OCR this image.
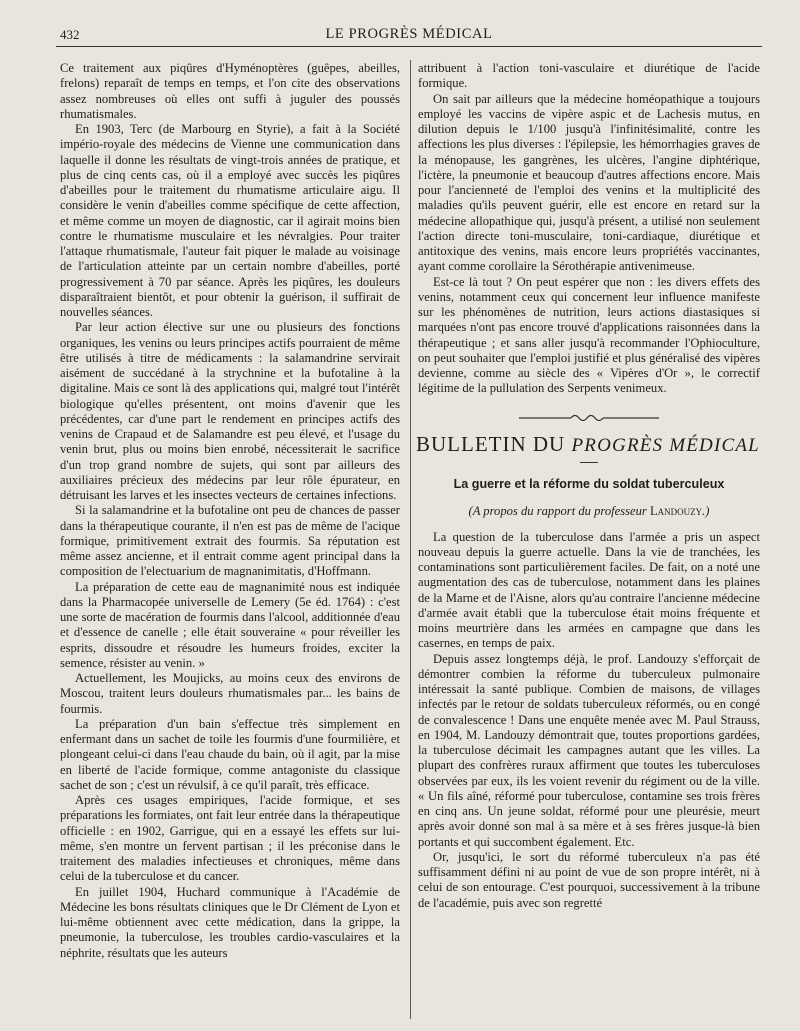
432	LE PROGRÈS MÉDICAL

Ce traitement aux piqûres d'Hyménoptères (guêpes, abeilles, frelons) reparaît de temps en temps, et l'on cite des observations assez nombreuses où elles ont suffi à juguler des poussés rhumatismales.

En 1903, Terc (de Marbourg en Styrie), a fait à la Société império-royale des médecins de Vienne une communication dans laquelle il donne les résultats de vingt-trois années de pratique, et plus de cinq cents cas, où il a employé avec succès les piqûres d'abeilles pour le traitement du rhumatisme articulaire aigu. Il considère le venin d'abeilles comme spécifique de cette affection, et même comme un moyen de diagnostic, car il agirait moins bien contre le rhumatisme musculaire et les névralgies. Pour traiter l'attaque rhumatismale, l'auteur fait piquer le malade au voisinage de l'articulation atteinte par un certain nombre d'abeilles, porté progressivement à 70 par séance. Après les piqûres, les douleurs disparaîtraient bientôt, et pour obtenir la guérison, il suffirait de nouvelles séances.

Par leur action élective sur une ou plusieurs des fonctions organiques, les venins ou leurs principes actifs pourraient de même être utilisés à titre de médicaments : la salamandrine servirait aisément de succédané à la strychnine et la bufotaline à la digitaline. Mais ce sont là des applications qui, malgré tout l'intérêt biologique qu'elles présentent, ont moins d'avenir que les précédentes, car d'une part le rendement en principes actifs des venins de Crapaud et de Salamandre est peu élevé, et l'usage du venin brut, plus ou moins bien enrobé, nécessiterait le sacrifice d'un trop grand nombre de sujets, qui sont par ailleurs des auxiliaires précieux des médecins par leur rôle épurateur, en détruisant les larves et les insectes vecteurs de certaines infections.

Si la salamandrine et la bufotaline ont peu de chances de passer dans la thérapeutique courante, il n'en est pas de même de l'acique formique, primitivement extrait des fourmis. Sa réputation est même assez ancienne, et il entrait comme agent principal dans la composition de l'electuarium de magnanimitatis, d'Hoffmann.

La préparation de cette eau de magnanimité nous est indiquée dans la Pharmacopée universelle de Lemery (5e éd. 1764) : c'est une sorte de macération de fourmis dans l'alcool, additionnée d'eau et d'essence de canelle ; elle était souveraine « pour réveiller les esprits, dissoudre et résoudre les humeurs froides, exciter la semence, résister au venin. »

Actuellement, les Moujicks, au moins ceux des environs de Moscou, traitent leurs douleurs rhumatismales par... les bains de fourmis.

La préparation d'un bain s'effectue très simplement en enfermant dans un sachet de toile les fourmis d'une fourmilière, et plongeant celui-ci dans l'eau chaude du bain, où il agit, par la mise en liberté de l'acide formique, comme antagoniste du classique sachet de son ; c'est un révulsif, à ce qu'il paraît, très efficace.

Après ces usages empiriques, l'acide formique, et ses préparations les formiates, ont fait leur entrée dans la thérapeutique officielle : en 1902, Garrigue, qui en a essayé les effets sur lui-même, s'en montre un fervent partisan ; il les préconise dans le traitement des maladies infectieuses et chroniques, même dans celui de la tuberculose et du cancer.

En juillet 1904, Huchard communique à l'Académie de Médecine les bons résultats cliniques que le Dr Clément de Lyon et lui-même obtiennent avec cette médication, dans la grippe, la pneumonie, la tuberculose, les troubles cardio-vasculaires et la néphrite, résultats que les auteurs

attribuent à l'action toni-vasculaire et diurétique de l'acide formique.

On sait par ailleurs que la médecine homéopathique a toujours employé les vaccins de vipère aspic et de Lachesis mutus, en dilution depuis le 1/100 jusqu'à l'infinitésimalité, contre les affections les plus diverses : l'épilepsie, les hémorrhagies graves de la ménopause, les gangrènes, les ulcères, l'angine diphtérique, l'ictère, la pneumonie et beaucoup d'autres affections encore. Mais pour l'ancienneté de l'emploi des venins et la multiplicité des maladies qu'ils peuvent guérir, elle est encore en retard sur la médecine allopathique qui, jusqu'à présent, a utilisé non seulement l'action directe toni-musculaire, toni-cardiaque, diurétique et antitoxique des venins, mais encore leurs propriétés vaccinantes, ayant comme corollaire la Sérothérapie antivenimeuse.

Est-ce là tout ? On peut espérer que non : les divers effets des venins, notamment ceux qui concernent leur influence manifeste sur les phénomènes de nutrition, leurs actions diastasiques si marquées n'ont pas encore trouvé d'applications raisonnées dans la thérapeutique ; et sans aller jusqu'à recommander l'Ophioculture, on peut souhaiter que l'emploi justifié et plus généralisé des vipères devienne, comme au siècle des « Vipères d'Or », le correctif légitime de la pullulation des Serpents venimeux.

BULLETIN DU PROGRÈS MÉDICAL
La guerre et la réforme du soldat tuberculeux
(A propos du rapport du professeur Landouzy.)

La question de la tuberculose dans l'armée a pris un aspect nouveau depuis la guerre actuelle. Dans la vie de tranchées, les contaminations sont particulièrement faciles. De fait, on a noté une augmentation des cas de tuberculose, notamment dans les plaines de la Marne et de l'Aisne, alors qu'au contraire l'ancienne médecine d'armée avait établi que la tuberculose était moins fréquente et moins meurtrière dans les armées en campagne que dans les casernes, en temps de paix.

Depuis assez longtemps déjà, le prof. Landouzy s'efforçait de démontrer combien la réforme du tuberculeux pulmonaire intéressait la santé publique. Combien de maisons, de villages infectés par le retour de soldats tuberculeux réformés, ou en congé de convalescence ! Dans une enquête menée avec M. Paul Strauss, en 1904, M. Landouzy démontrait que, toutes proportions gardées, la tuberculose décimait les campagnes autant que les villes. La plupart des confrères ruraux affirment que toutes les tuberculoses observées par eux, ils les voient revenir du régiment ou de la ville. « Un fils aîné, réformé pour tuberculose, contamine ses trois frères en cinq ans. Un jeune soldat, réformé pour une pleurésie, meurt après avoir donné son mal à sa mère et à ses frères jusque-là bien portants et qui succombent également. Etc.

Or, jusqu'ici, le sort du réformé tuberculeux n'a pas été suffisamment défini ni au point de vue de son propre intérêt, ni à celui de son entourage. C'est pourquoi, successivement à la tribune de l'académie, puis avec son regretté
